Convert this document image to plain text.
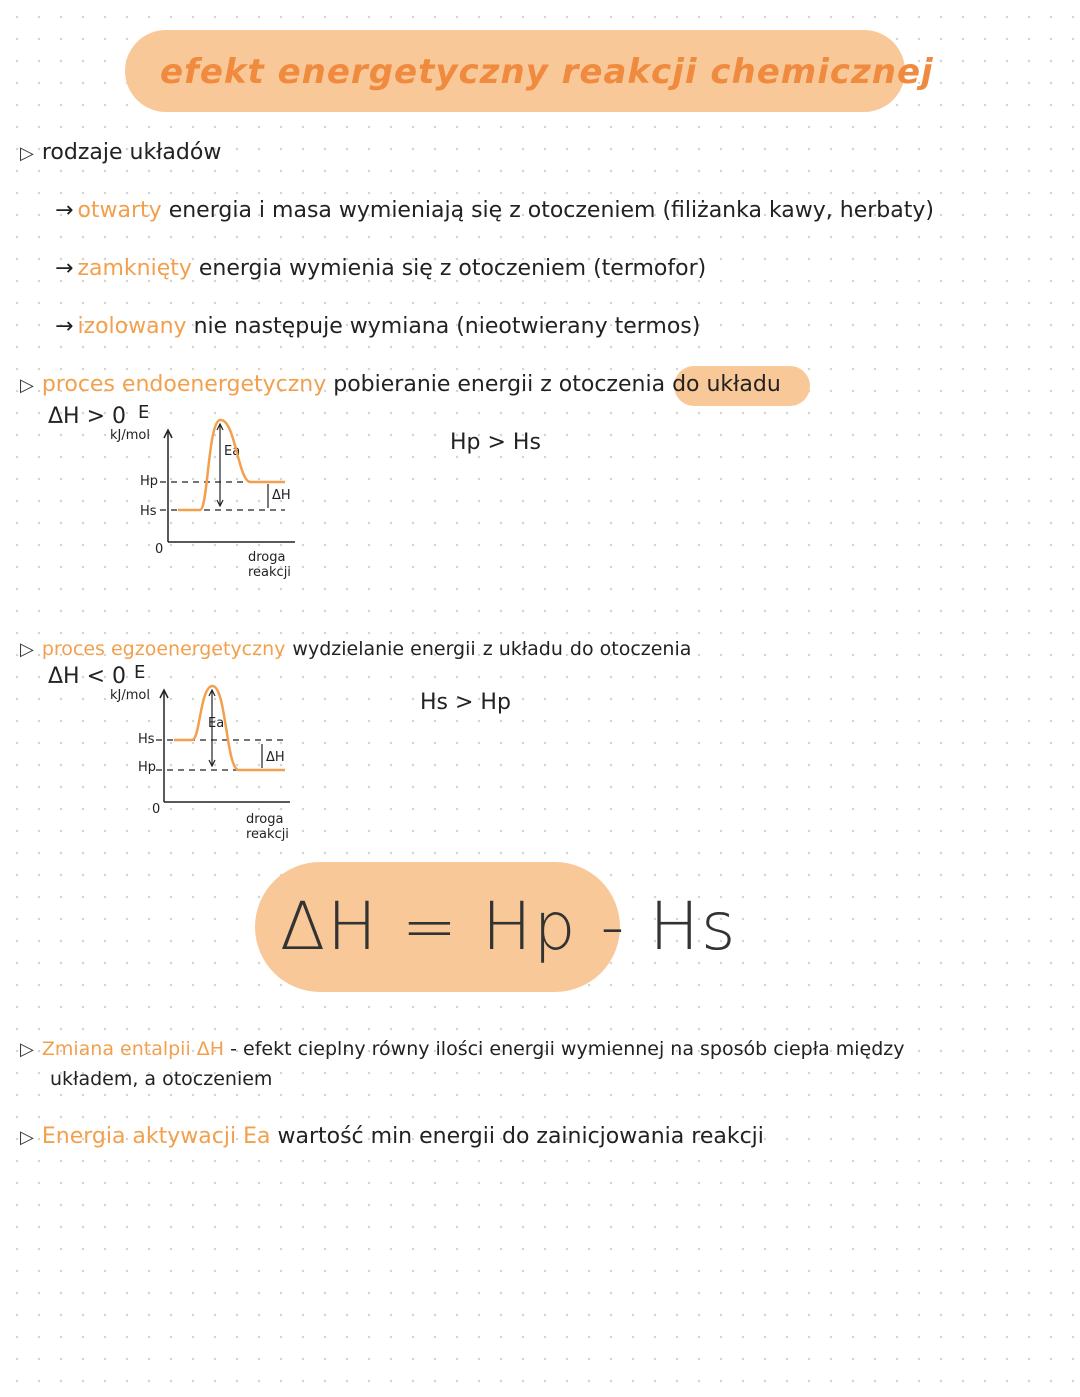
efekt energetyczny reakcji chemicznej
▷ rodzaje układów
→ otwarty energia i masa wymieniają się z otoczeniem (filiżanka kawy, herbaty)
→ zamknięty energia wymienia się z otoczeniem (termofor)
→ izolowany nie następuje wymiana (nieotwierany termos)
▷ proces endoenergetyczny pobieranie energii z otoczenia do układu
ΔH > 0
Hp > Hs
E
kJ/mol
Hp
Hs
0
Ea
ΔH
droga reakcji
▷ proces egzoenergetyczny wydzielanie energii z układu do otoczenia
ΔH < 0
Hs > Hp
E
kJ/mol
Hs
Hp
0
Ea
ΔH
droga reakcji
ΔH = Hp - Hs
▷ Zmiana entalpii ΔH - efekt cieplny równy ilości energii wymiennej na sposób ciepła między
układem, a otoczeniem
▷ Energia aktywacji Ea wartość min energii do zainicjowania reakcji
